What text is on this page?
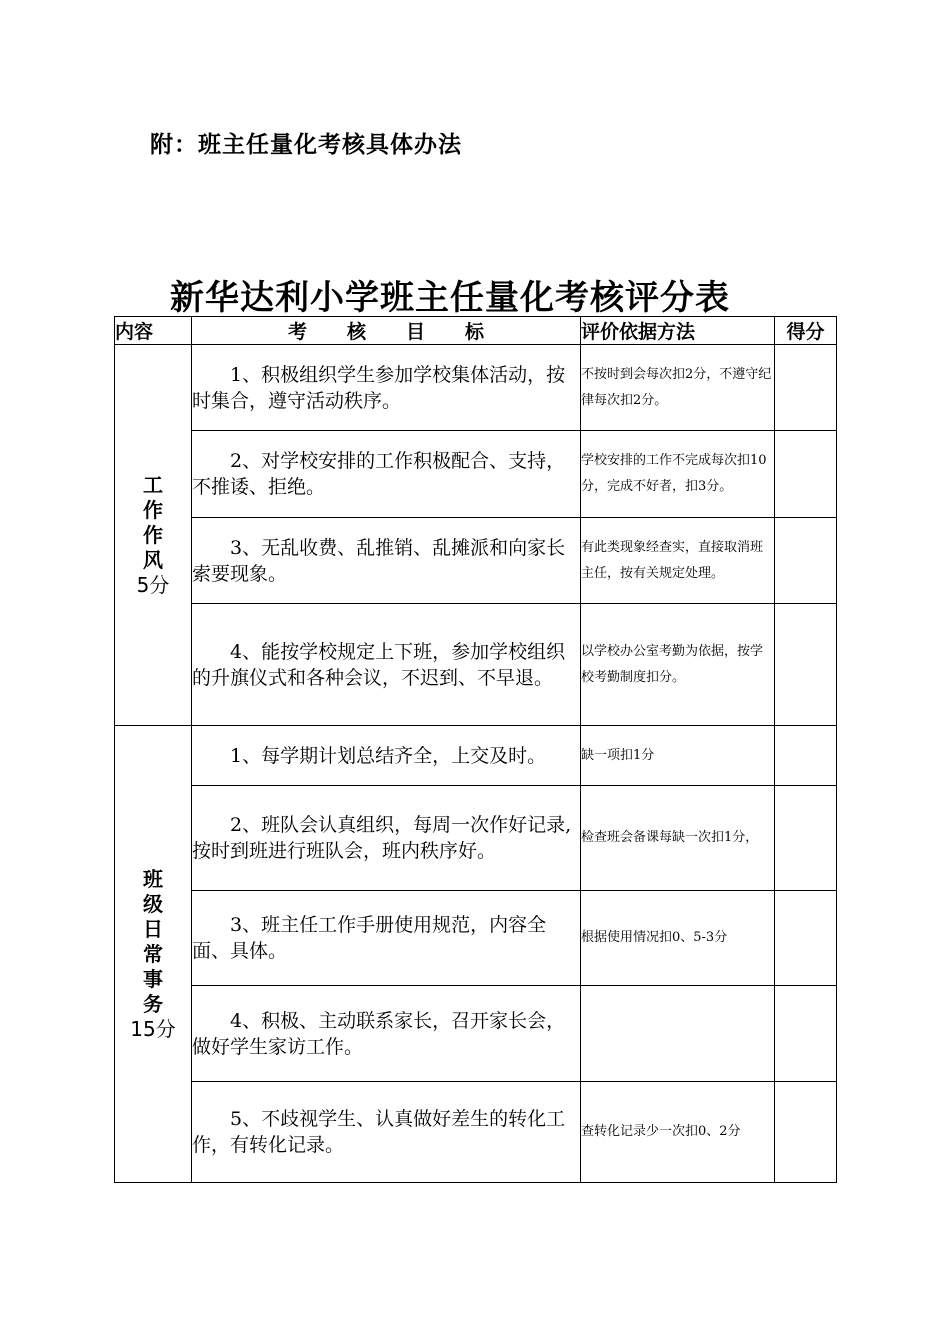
附：班主任量化考核具体办法
新华达利小学班主任量化考核评分表
内容	考 核 目 标	评价依据方法	得分
工作作风
5分	1、积极组织学生参加学校集体活动，按时集合，遵守活动秩序。	不按时到会每次扣2分，不遵守纪律每次扣2分。	
	2、对学校安排的工作积极配合、支持，不推诿、拒绝。	学校安排的工作不完成每次扣10分，完成不好者，扣3分。	
	3、无乱收费、乱推销、乱摊派和向家长索要现象。	有此类现象经查实，直接取消班主任，按有关规定处理。	
	4、能按学校规定上下班，参加学校组织的升旗仪式和各种会议，不迟到、不早退。	以学校办公室考勤为依据，按学校考勤制度扣分。	
班级日常事务
15分	1、每学期计划总结齐全，上交及时。	缺一项扣1分	
	2、班队会认真组织，每周一次作好记录,按时到班进行班队会，班内秩序好。	检查班会备课每缺一次扣1分，	
	3、班主任工作手册使用规范，内容全面、具体。	根据使用情况扣0、5-3分	
	4、积极、主动联系家长，召开家长会，做好学生家访工作。		
	5、不歧视学生、认真做好差生的转化工作，有转化记录。	查转化记录少一次扣0、2分	
